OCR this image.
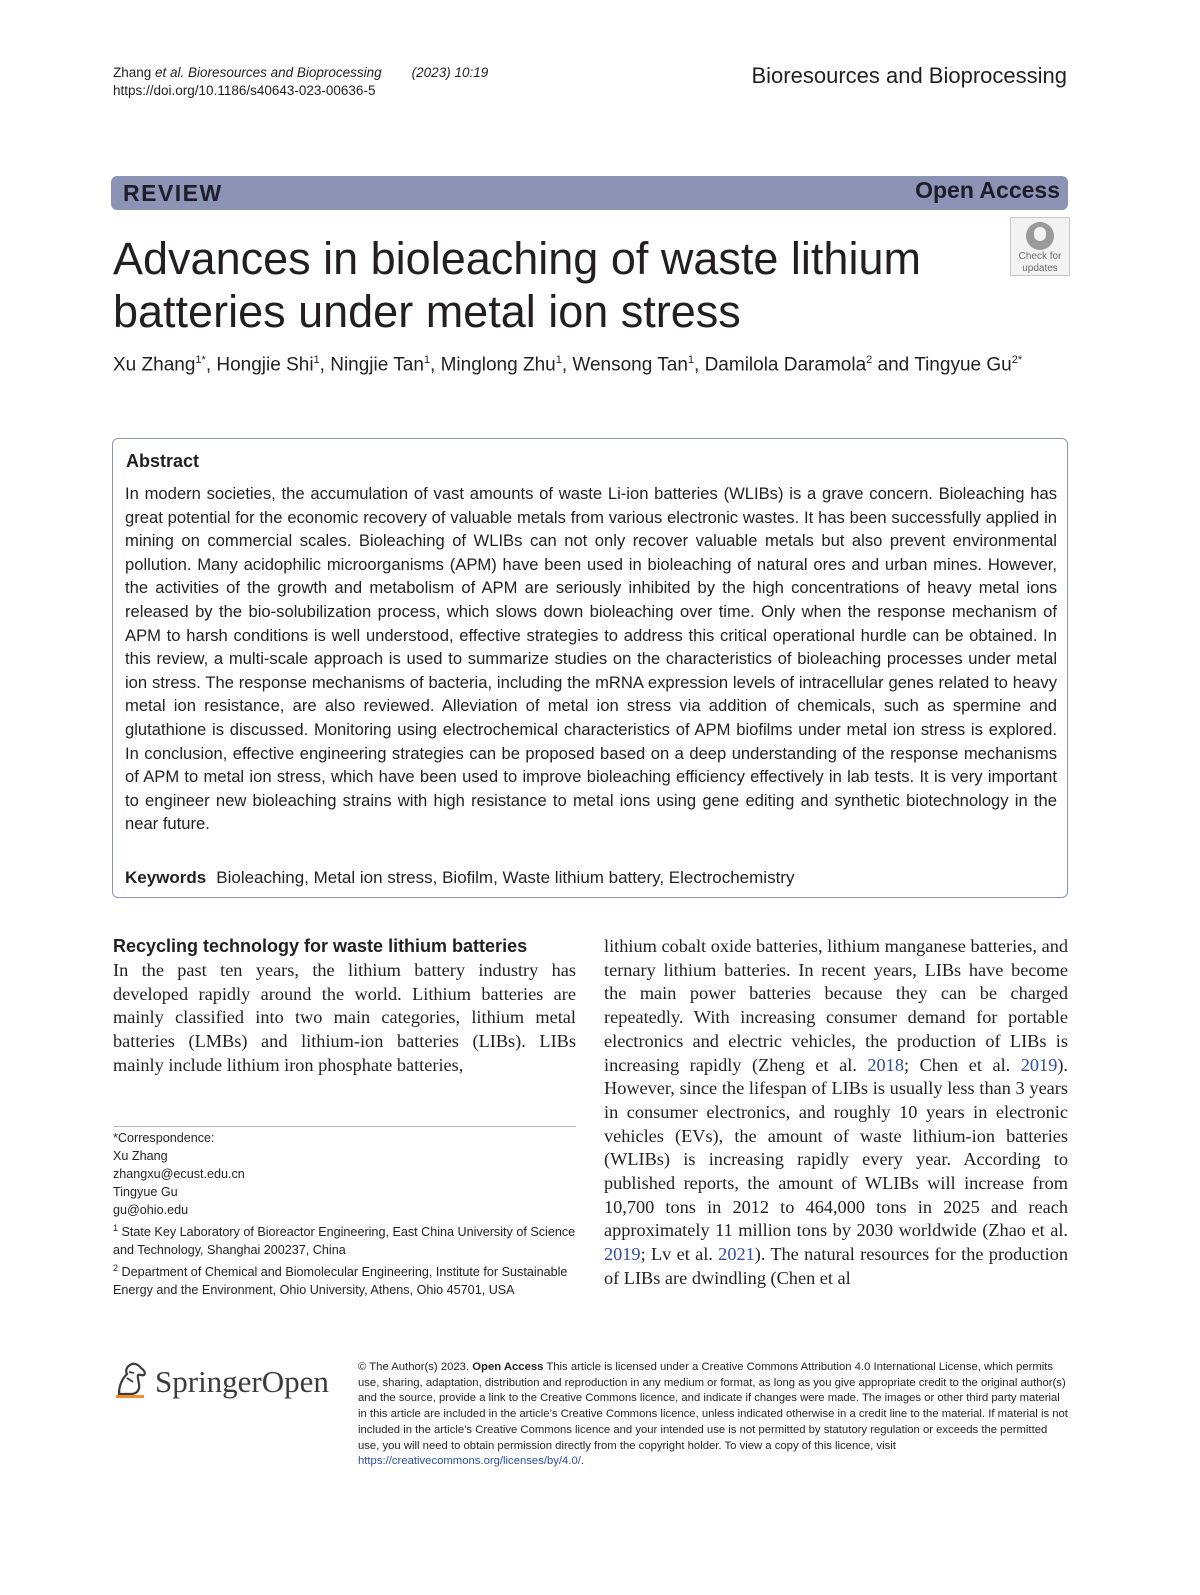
Zhang et al. Bioresources and Bioprocessing (2023) 10:19
https://doi.org/10.1186/s40643-023-00636-5
Bioresources and Bioprocessing
REVIEW	Open Access
Advances in bioleaching of waste lithium batteries under metal ion stress
Check for
updates
Xu Zhang$^{1*}$, Hongjie Shi$^1$, Ningjie Tan$^1$, Minglong Zhu$^1$, Wensong Tan$^1$, Damilola Daramola$^2$ and Tingyue $Gu^{2*}$
Abstract
In modern societies, the accumulation of vast amounts of waste Li-ion batteries (WLIBs) is a grave concern. Bioleaching has great potential for the economic recovery of valuable metals from various electronic wastes. It has been successfully applied in mining on commercial scales. Bioleaching of WLIBs can not only recover valuable metals but also prevent environmental pollution. Many acidophilic microorganisms (APM) have been used in bioleaching of natural ores and urban mines. However, the activities of the growth and metabolism of APM are seriously inhibited by the high concentrations of heavy metal ions released by the bio-solubilization process, which slows down bioleaching over time. Only when the response mechanism of APM to harsh conditions is well understood, effective strategies to address this critical operational hurdle can be obtained. In this review, a multi-scale approach is used to summarize studies on the characteristics of bioleaching processes under metal ion stress. The response mechanisms of bacteria, including the mRNA expression levels of intracellular genes related to heavy metal ion resistance, are also reviewed. Alleviation of metal ion stress via addition of chemicals, such as spermine and glutathione is discussed. Monitoring using electrochemical characteristics of APM biofilms under metal ion stress is explored. In conclusion, effective engineering strategies can be proposed based on a deep understanding of the response mechanisms of APM to metal ion stress, which have been used to improve bioleaching efficiency effectively in lab tests. It is very important to engineer new bioleaching strains with high resistance to metal ions using gene editing and synthetic biotechnology in the near future.
Keywords Bioleaching, Metal ion stress, Biofilm, Waste lithium battery, Electrochemistry
Recycling technology for waste lithium batteries
In the past ten years, the lithium battery industry has developed rapidly around the world. Lithium batteries are mainly classified into two main categories, lithium metal batteries (LMBs) and lithium-ion batteries (LIBs). LIBs mainly include lithium iron phosphate batteries,
lithium cobalt oxide batteries, lithium manganese batteries, and ternary lithium batteries. In recent years, LIBs have become the main power batteries because they can be charged repeatedly. With increasing consumer demand for portable electronics and electric vehicles, the production of LIBs is increasing rapidly (Zheng et al. 2018; Chen et al. 2019). However, since the lifespan of LIBs is usually less than 3 years in consumer electronics, and roughly 10 years in electronic vehicles (EVs), the amount of waste lithium-ion batteries (WLIBs) is increasing rapidly every year. According to published reports, the amount of WLIBs will increase from 10,700 tons in 2012 to 464,000 tons in 2025 and reach approximately 11 million tons by 2030 worldwide (Zhao et al. 2019; Lv et al. 2021). The natural resources for the production of LIBs are dwindling (Chen et al
*Correspondence:
Xu Zhang
zhangxu@ecust.edu.cn
Tingyue Gu
gu@ohio.edu
$^1$ State Key Laboratory of Bioreactor Engineering, East China University of Science and Technology, Shanghai 200237, China
$^2$ Department of Chemical and Biomolecular Engineering, Institute for Sustainable Energy and the Environment, Ohio University, Athens, Ohio 45701, USA
SpringerOpen	© The Author(s) 2023. Open Access This article is licensed under a Creative Commons Attribution 4.0 International License, which permits use, sharing, adaptation, distribution and reproduction in any medium or format, as long as you give appropriate credit to the original author(s) and the source, provide a link to the Creative Commons licence, and indicate if changes were made. The images or other third party material in this article are included in the article’s Creative Commons licence, unless indicated otherwise in a credit line to the material. If material is not included in the article’s Creative Commons licence and your intended use is not permitted by statutory regulation or exceeds the permitted use, you will need to obtain permission directly from the copyright holder. To view a copy of this licence, visit https://creativecommons.org/licenses/by/4.0/.
